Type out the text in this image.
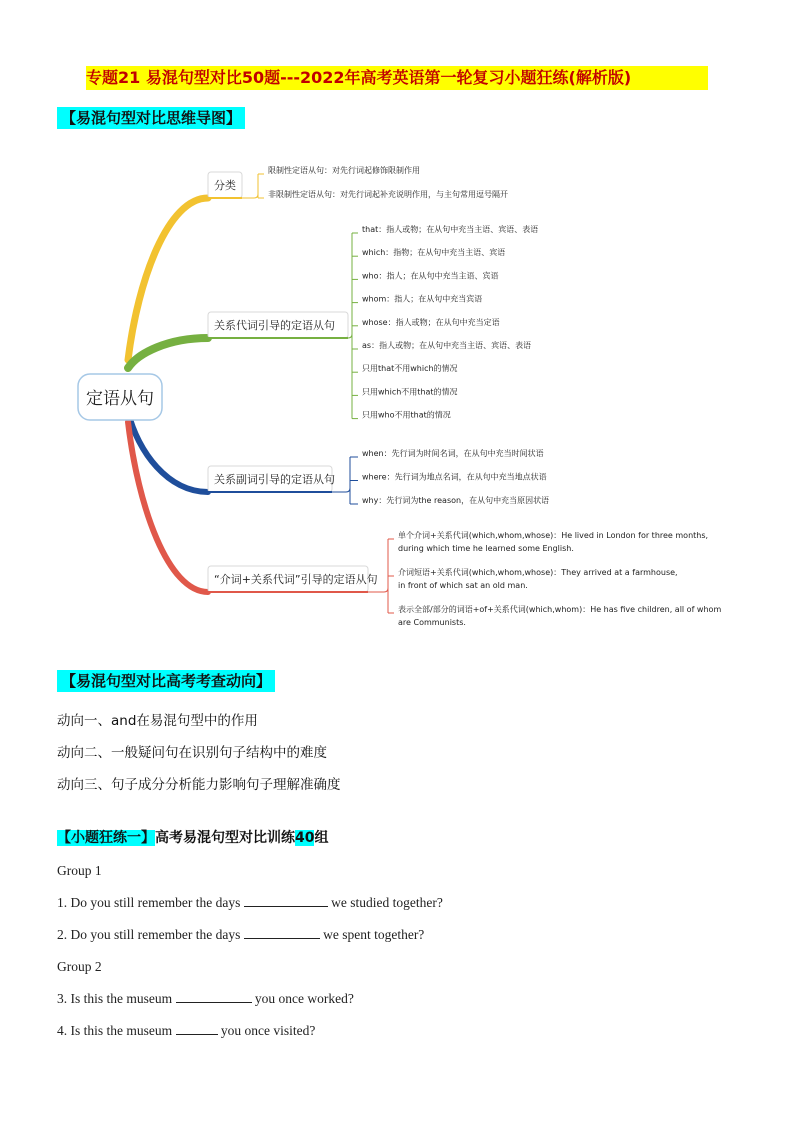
专题21 易混句型对比50题---2022年高考英语第一轮复习小题狂练(解析版)
【易混句型对比思维导图】
分类
限制性定语从句：对先行词起修饰限制作用
非限制性定语从句：对先行词起补充说明作用，与主句常用逗号隔开
关系代词引导的定语从句
that：指人或物；在从句中充当主语、宾语、表语
which：指物；在从句中充当主语、宾语
who：指人；在从句中充当主语、宾语
whom：指人；在从句中充当宾语
whose：指人或物；在从句中充当定语
as：指人或物；在从句中充当主语、宾语、表语
只用that不用which的情况
只用which不用that的情况
只用who不用that的情况
关系副词引导的定语从句
when：先行词为时间名词，在从句中充当时间状语
where：先行词为地点名词，在从句中充当地点状语
why：先行词为the reason，在从句中充当原因状语
“介词+关系代词”引导的定语从句
单个介词+关系代词(which,whom,whose)：He lived in London for three months,
during which time he learned some English.
介词短语+关系代词(which,whom,whose)：They arrived at a farmhouse,
in front of which sat an old man.
表示全部/部分的词语+of+关系代词(which,whom)：He has five children, all of whom
are Communists.
定语从句
【易混句型对比高考考查动向】
动向一、and在易混句型中的作用
动向二、一般疑问句在识别句子结构中的难度
动向三、句子成分分析能力影响句子理解准确度
【小题狂练一】高考易混句型对比训练40组
Group 1
1. Do you still remember the days	we studied together?
2. Do you still remember the days	we spent together?
Group 2
3. Is this the museum	you once worked?
4. Is this the museum	you once visited?
